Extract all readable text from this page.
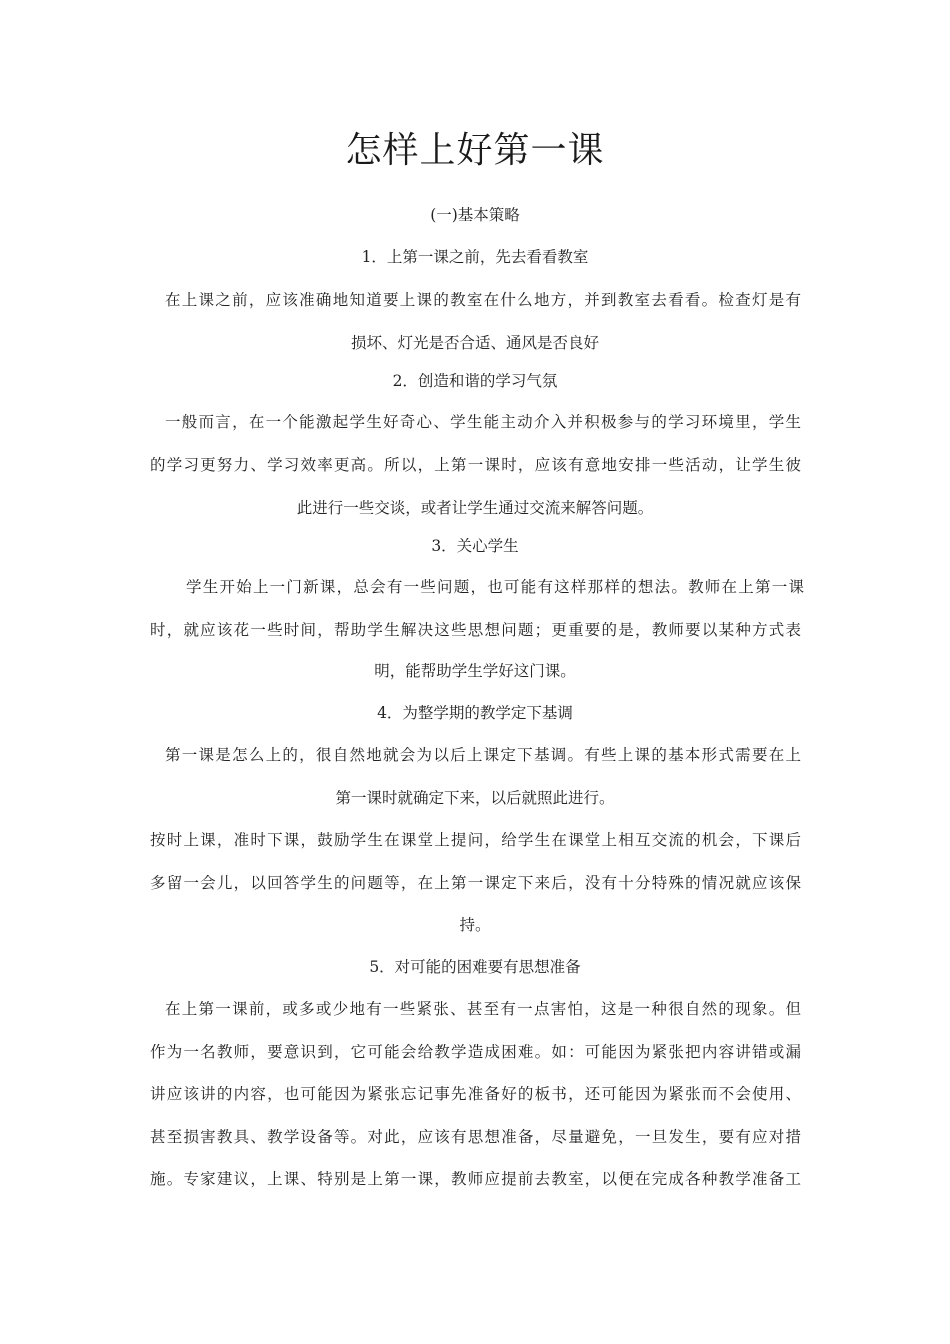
怎样上好第一课
(一)基本策略
1．上第一课之前，先去看看教室
在上课之前，应该准确地知道要上课的教室在什么地方，并到教室去看看。检查灯是有
损坏、灯光是否合适、通风是否良好
2．创造和谐的学习气氛
一般而言，在一个能激起学生好奇心、学生能主动介入并积极参与的学习环境里，学生
的学习更努力、学习效率更高。所以，上第一课时，应该有意地安排一些活动，让学生彼
此进行一些交谈，或者让学生通过交流来解答问题。
3．关心学生
学生开始上一门新课，总会有一些问题，也可能有这样那样的想法。教师在上第一课
时，就应该花一些时间，帮助学生解决这些思想问题；更重要的是，教师要以某种方式表
明，能帮助学生学好这门课。
4．为整学期的教学定下基调
第一课是怎么上的，很自然地就会为以后上课定下基调。有些上课的基本形式需要在上
第一课时就确定下来，以后就照此进行。
按时上课，准时下课，鼓励学生在课堂上提问，给学生在课堂上相互交流的机会，下课后
多留一会儿，以回答学生的问题等，在上第一课定下来后，没有十分特殊的情况就应该保
持。
5．对可能的困难要有思想准备
在上第一课前，或多或少地有一些紧张、甚至有一点害怕，这是一种很自然的现象。但
作为一名教师，要意识到，它可能会给教学造成困难。如：可能因为紧张把内容讲错或漏
讲应该讲的内容，也可能因为紧张忘记事先准备好的板书，还可能因为紧张而不会使用、
甚至损害教具、教学设备等。对此，应该有思想准备，尽量避免，一旦发生，要有应对措
施。专家建议，上课、特别是上第一课，教师应提前去教室，以便在完成各种教学准备工
